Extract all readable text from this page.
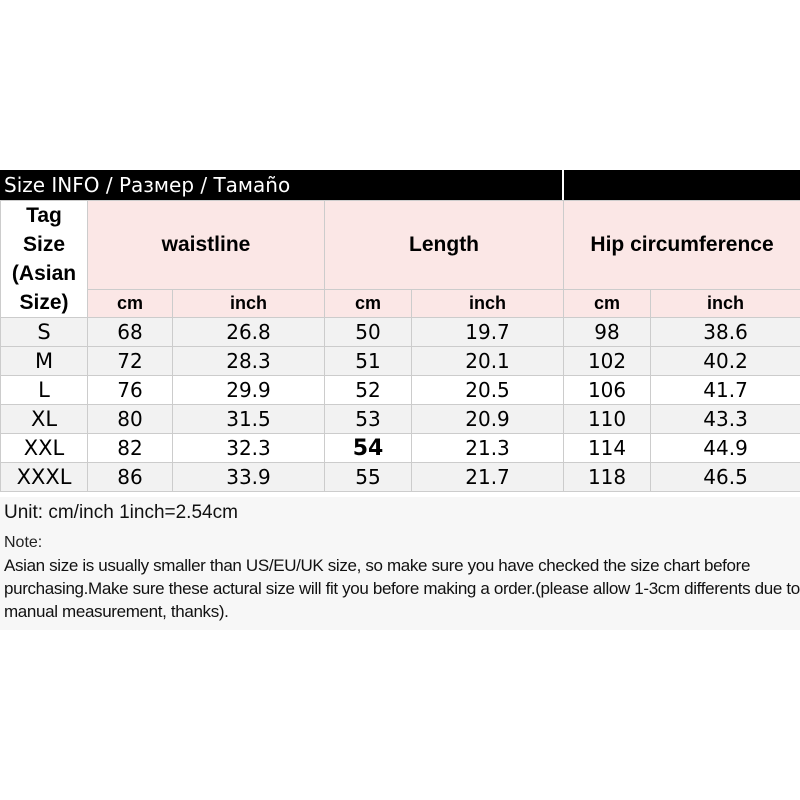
Size INFO / Размер / Тамаño
Tag
Size
(Asian
Size)	waistline		Length		Hip circumference	
	cm	inch	cm	inch	cm	inch
S	68	26.8	50	19.7	98	38.6
M	72	28.3	51	20.1	102	40.2
L	76	29.9	52	20.5	106	41.7
XL	80	31.5	53	20.9	110	43.3
XXL	82	32.3	54	21.3	114	44.9
XXXL	86	33.9	55	21.7	118	46.5
Unit: cm/inch 1inch=2.54cm
Note:
Asian size is usually smaller than US/EU/UK size, so make sure you have checked the size chart before purchasing.Make sure these actural size will fit you before making a order.(please allow 1-3cm differents due to manual measurement, thanks).
